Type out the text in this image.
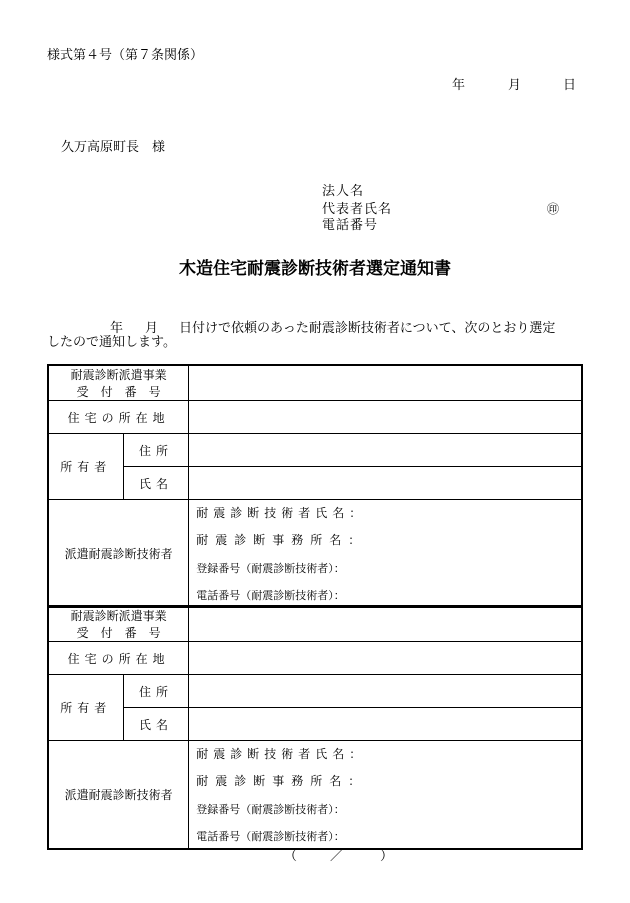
様式第４号（第７条関係）
年	月	日
久万高原町長　様
法人名
代表者氏名	㊞
電話番号
木造住宅耐震診断技術者選定通知書
年 月 日付けで依頼のあった耐震診断技術者について、次のとおり選定
したので通知します。
耐震診断派遣事業
受　付　番　号		

住宅の所在地		
所有者	住所	
	氏名	
派遣耐震診断技術者		耐震診断技術者氏名：
耐震診断事務所名：
登録番号（耐震診断技術者）：
電話番号（耐震診断技術者）：
耐震診断派遣事業
受　付　番　号		

住宅の所在地		
所有者	住所	
	氏名	
派遣耐震診断技術者		耐震診断技術者氏名：
耐震診断事務所名：
登録番号（耐震診断技術者）：
電話番号（耐震診断技術者）：
（	／	）
